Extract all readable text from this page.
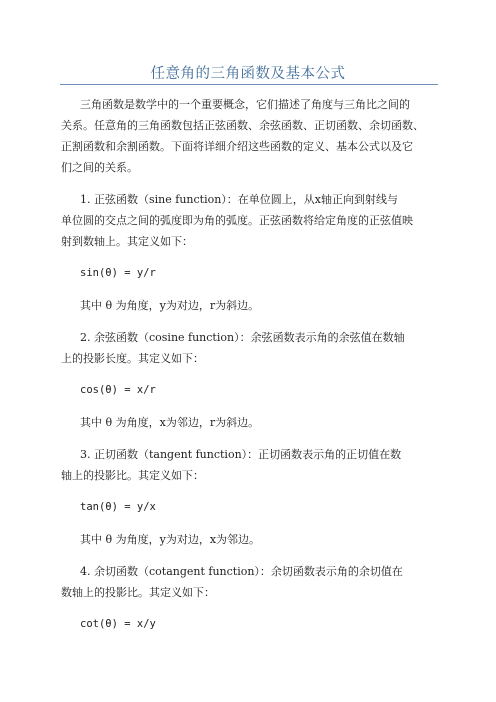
任意角的三角函数及基本公式
三角函数是数学中的一个重要概念，它们描述了角度与三角比之间的
关系。任意角的三角函数包括正弦函数、余弦函数、正切函数、余切函数、
正割函数和余割函数。下面将详细介绍这些函数的定义、基本公式以及它
们之间的关系。
1. 正弦函数（sine function）：在单位圆上，从x轴正向到射线与
单位圆的交点之间的弧度即为角的弧度。正弦函数将给定角度的正弦值映
射到数轴上。其定义如下：
sin(θ) = y/r
其中 θ 为角度，y为对边，r为斜边。
2. 余弦函数（cosine function）：余弦函数表示角的余弦值在数轴
上的投影长度。其定义如下：
cos(θ) = x/r
其中 θ 为角度，x为邻边，r为斜边。
3. 正切函数（tangent function）：正切函数表示角的正切值在数
轴上的投影比。其定义如下：
tan(θ) = y/x
其中 θ 为角度，y为对边，x为邻边。
4. 余切函数（cotangent function）：余切函数表示角的余切值在
数轴上的投影比。其定义如下：
cot(θ) = x/y
